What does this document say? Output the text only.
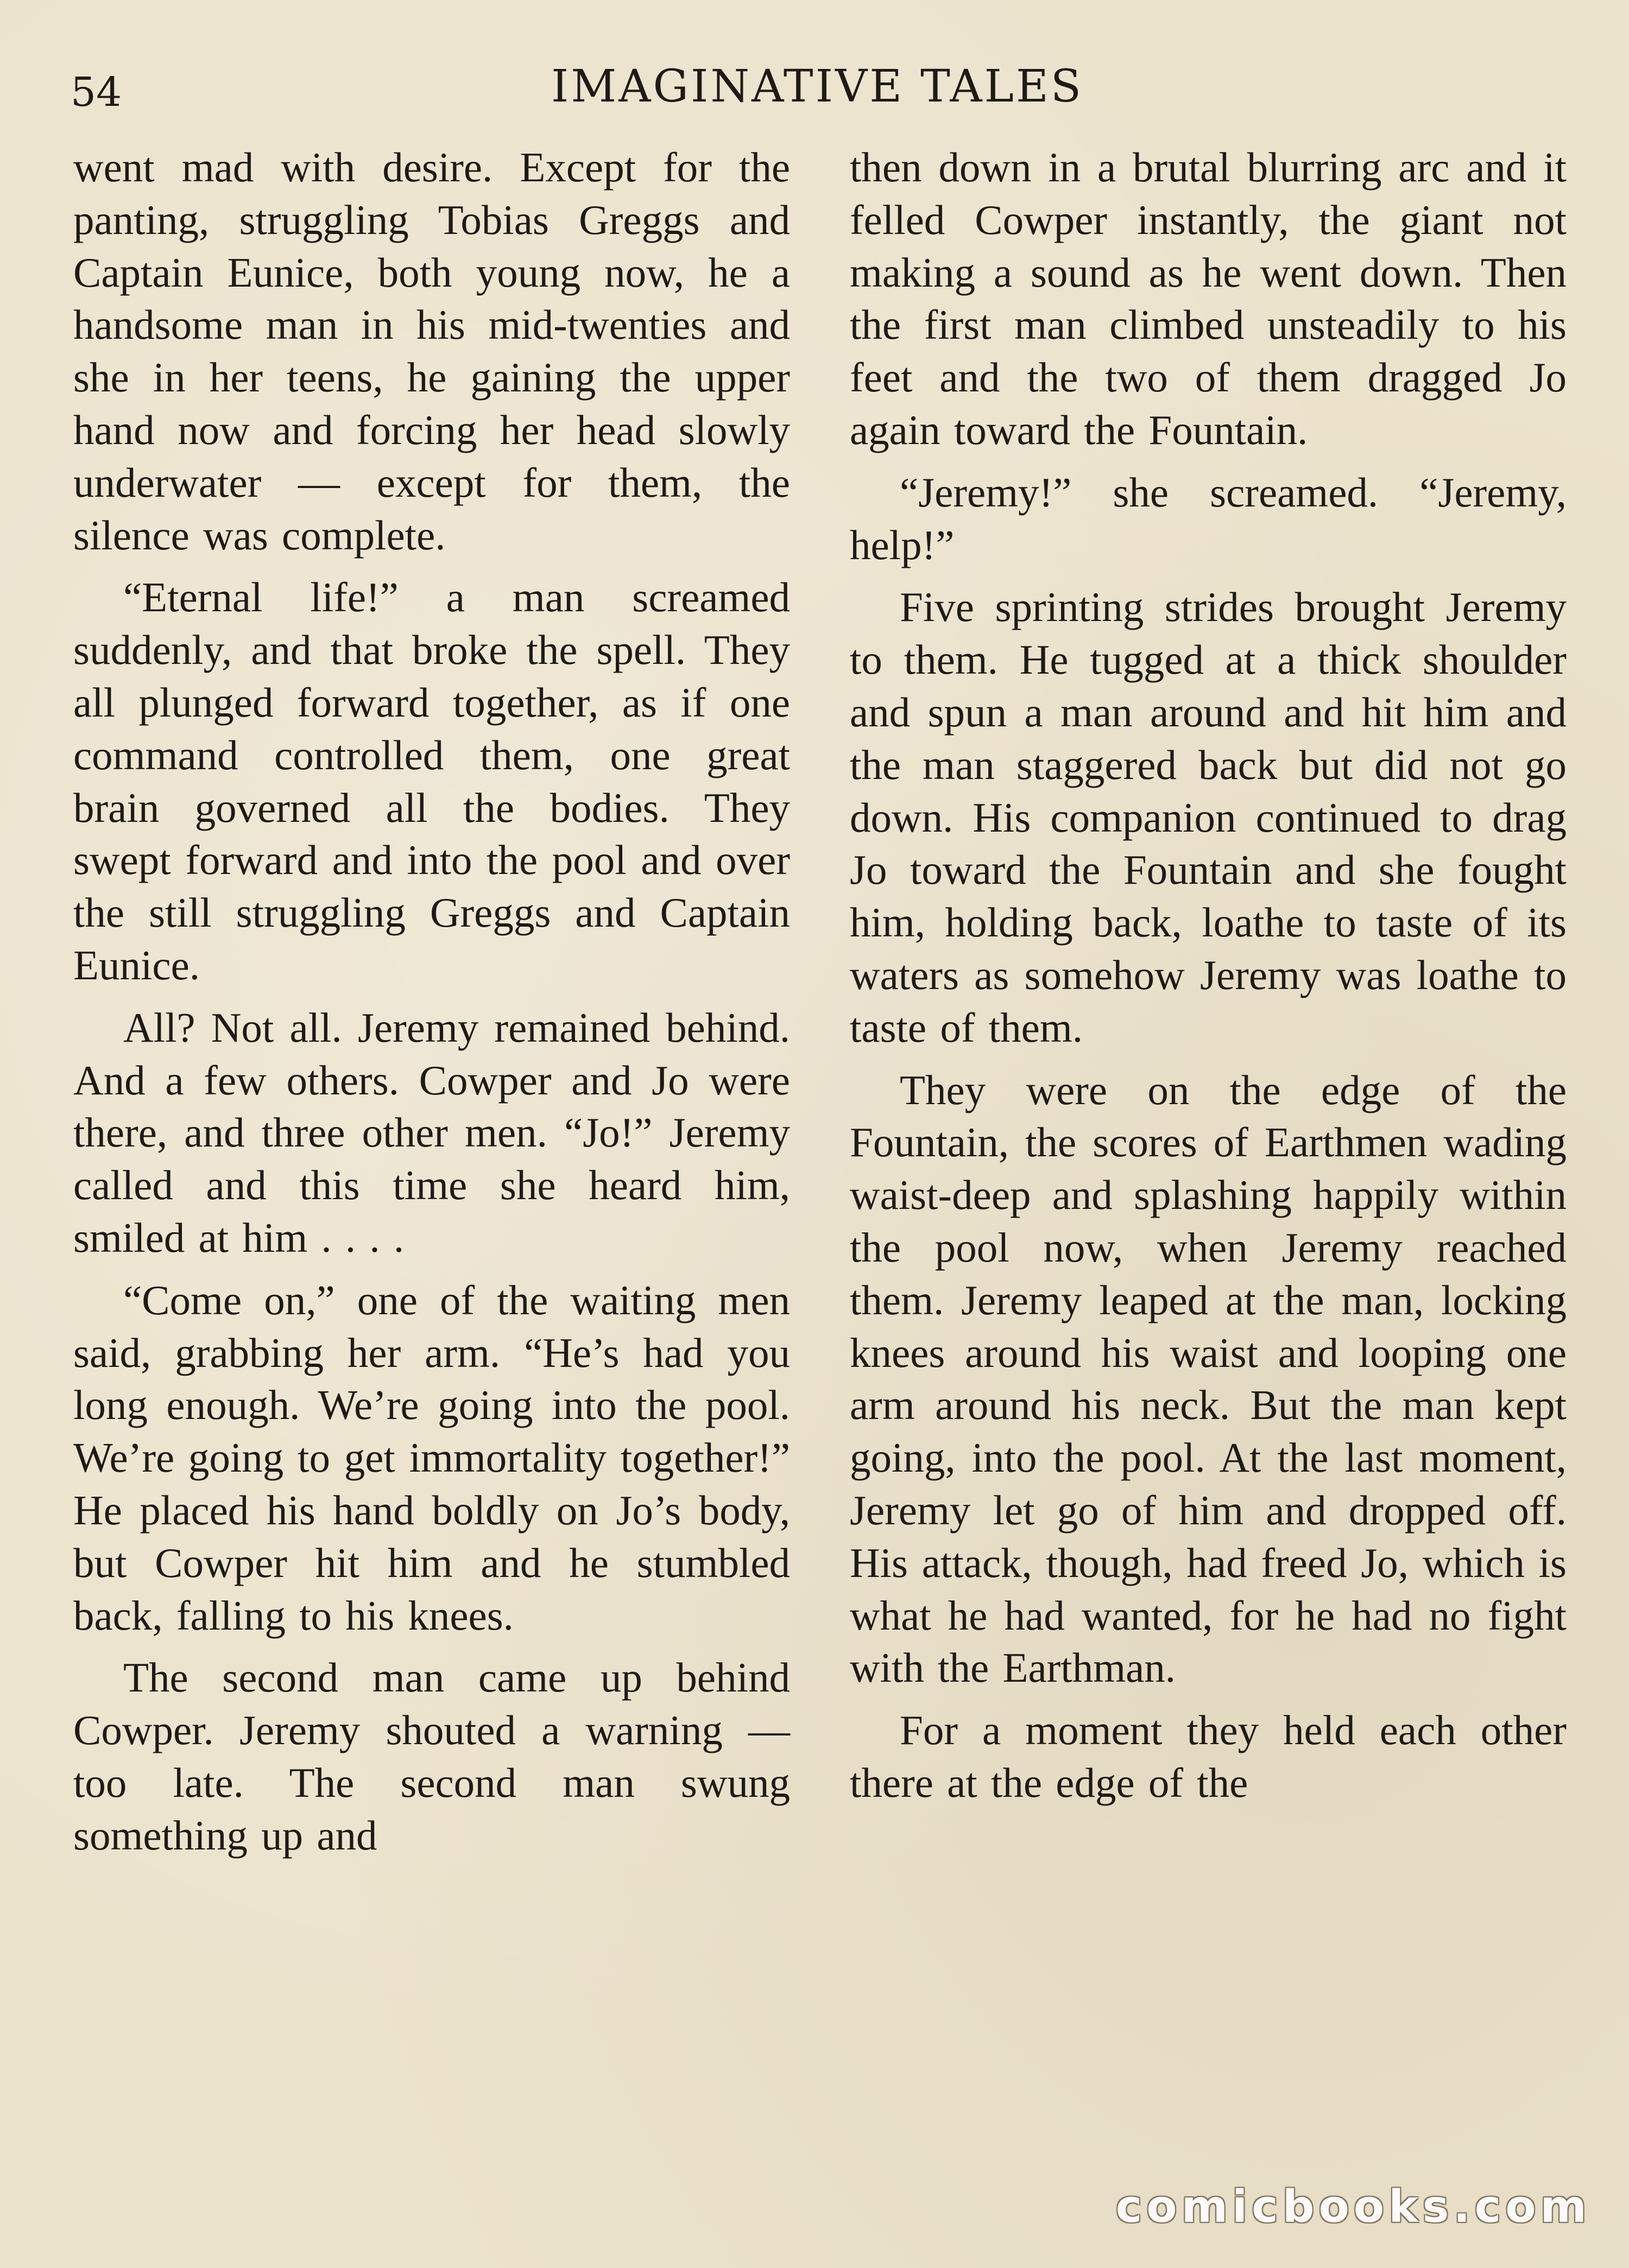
54	IMAGINATIVE TALES

went mad with desire. Except for the panting, struggling Tobias Greggs and Captain Eunice, both young now, he a handsome man in his mid-twenties and she in her teens, he gaining the upper hand now and forcing her head slowly underwater — except for them, the silence was complete.

“Eternal life!” a man screamed suddenly, and that broke the spell. They all plunged forward together, as if one command controlled them, one great brain governed all the bodies. They swept forward and into the pool and over the still struggling Greggs and Captain Eunice.

All? Not all. Jeremy remained behind. And a few others. Cowper and Jo were there, and three other men. “Jo!” Jeremy called and this time she heard him, smiled at him . . . .

“Come on,” one of the waiting men said, grabbing her arm. “He’s had you long enough. We’re going into the pool. We’re going to get immortality together!” He placed his hand boldly on Jo’s body, but Cowper hit him and he stumbled back, falling to his knees.

The second man came up behind Cowper. Jeremy shouted a warning — too late. The second man swung something up and

then down in a brutal blurring arc and it felled Cowper instantly, the giant not making a sound as he went down. Then the first man climbed unsteadily to his feet and the two of them dragged Jo again toward the Fountain.

“Jeremy!” she screamed. “Jeremy, help!”

Five sprinting strides brought Jeremy to them. He tugged at a thick shoulder and spun a man around and hit him and the man staggered back but did not go down. His companion continued to drag Jo toward the Fountain and she fought him, holding back, loathe to taste of its waters as somehow Jeremy was loathe to taste of them.

They were on the edge of the Fountain, the scores of Earthmen wading waist-deep and splashing happily within the pool now, when Jeremy reached them. Jeremy leaped at the man, locking knees around his waist and looping one arm around his neck. But the man kept going, into the pool. At the last moment, Jeremy let go of him and dropped off. His attack, though, had freed Jo, which is what he had wanted, for he had no fight with the Earthman.

For a moment they held each other there at the edge of the

comicbooks.com
